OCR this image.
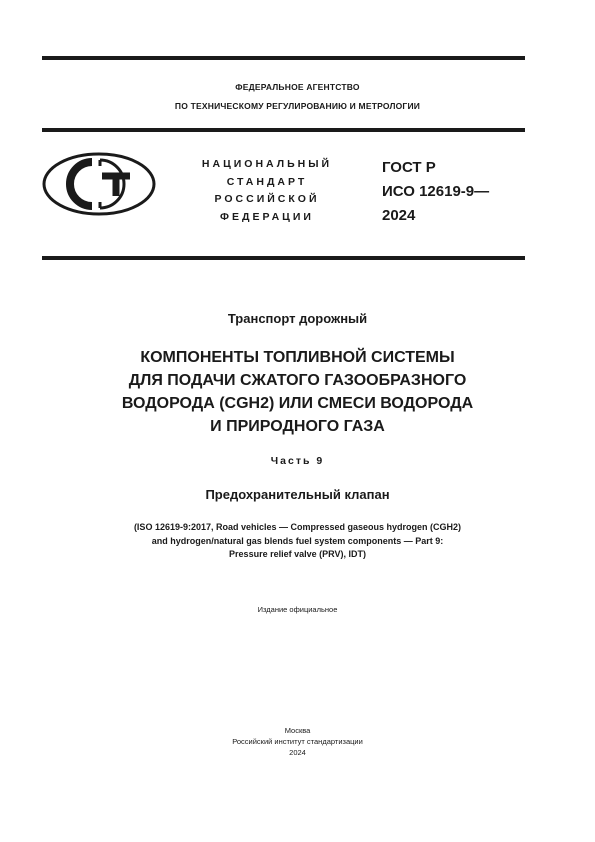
ФЕДЕРАЛЬНОЕ АГЕНТСТВО
ПО ТЕХНИЧЕСКОМУ РЕГУЛИРОВАНИЮ И МЕТРОЛОГИИ
НАЦИОНАЛЬНЫЙ
СТАНДАРТ
РОССИЙСКОЙ
ФЕДЕРАЦИИ
ГОСТ Р
ИСО 12619-9—
2024
Транспорт дорожный
КОМПОНЕНТЫ ТОПЛИВНОЙ СИСТЕМЫ
ДЛЯ ПОДАЧИ СЖАТОГО ГАЗООБРАЗНОГО
ВОДОРОДА (CGH2) ИЛИ СМЕСИ ВОДОРОДА
И ПРИРОДНОГО ГАЗА
Часть 9
Предохранительный клапан
(ISO 12619-9:2017, Road vehicles — Compressed gaseous hydrogen (CGH2)
and hydrogen/natural gas blends fuel system components — Part 9:
Pressure relief valve (PRV), IDT)
Издание официальное
Москва
Российский институт стандартизации
2024
